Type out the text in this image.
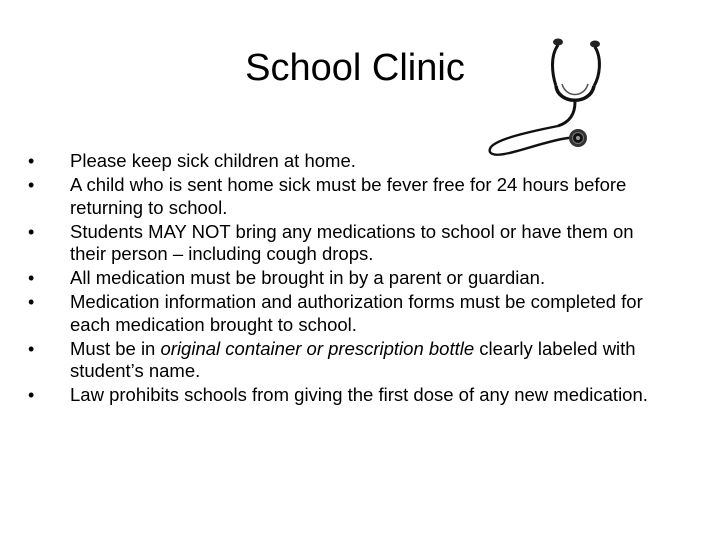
School Clinic
•	Please keep sick children at home.
•	A child who is sent home sick must be fever free for 24 hours before returning to school.
•	Students MAY NOT bring any medications to school or have them on their person – including cough drops.
•	All medication must be brought in by a parent or guardian.
•	Medication information and authorization forms must be completed for each medication brought to school.
•	Must be in original container or prescription bottle clearly labeled with student’s name.
•	Law prohibits schools from giving the first dose of any new medication.
